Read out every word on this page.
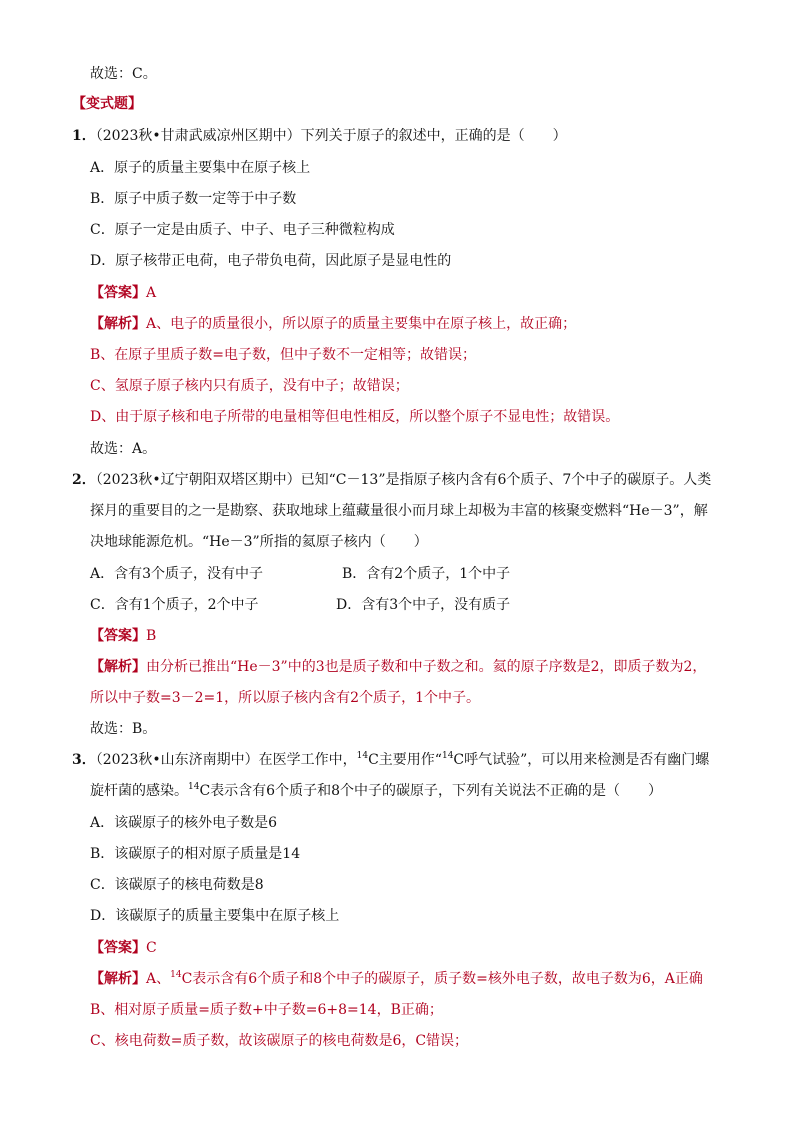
故选：C。
【变式题】
1．（2023秋•甘肃武威凉州区期中）下列关于原子的叙述中，正确的是（　　）
A．原子的质量主要集中在原子核上
B．原子中质子数一定等于中子数
C．原子一定是由质子、中子、电子三种微粒构成
D．原子核带正电荷，电子带负电荷，因此原子是显电性的
【答案】A
【解析】A、电子的质量很小，所以原子的质量主要集中在原子核上，故正确；
B、在原子里质子数=电子数，但中子数不一定相等；故错误；
C、氢原子原子核内只有质子，没有中子；故错误；
D、由于原子核和电子所带的电量相等但电性相反，所以整个原子不显电性；故错误。
故选：A。
2．（2023秋•辽宁朝阳双塔区期中）已知“C－13”是指原子核内含有6个质子、7个中子的碳原子。人类
探月的重要目的之一是勘察、获取地球上蕴藏量很小而月球上却极为丰富的核聚变燃料“He－3”，解
决地球能源危机。“He－3”所指的氦原子核内（　　）
A．含有3个质子，没有中子	B．含有2个质子，1个中子
C．含有1个质子，2个中子	D．含有3个中子，没有质子
【答案】B
【解析】由分析已推出“He－3”中的3也是质子数和中子数之和。氦的原子序数是2，即质子数为2，
所以中子数=3－2=1，所以原子核内含有2个质子，1个中子。
故选：B。
3．（2023秋•山东济南期中）在医学工作中，$^{14}$C主要用作“$^{14}$C呼气试验”，可以用来检测是否有幽门螺
旋杆菌的感染。$^{14}$C表示含有6个质子和8个中子的碳原子，下列有关说法不正确的是（　　）
A．该碳原子的核外电子数是6
B．该碳原子的相对原子质量是14
C．该碳原子的核电荷数是8
D．该碳原子的质量主要集中在原子核上
【答案】C
【解析】A、$^{14}$C表示含有6个质子和8个中子的碳原子，质子数=核外电子数，故电子数为6，A正确
B、相对原子质量=质子数+中子数=6+8=14，B正确；
C、核电荷数=质子数，故该碳原子的核电荷数是6，C错误；
